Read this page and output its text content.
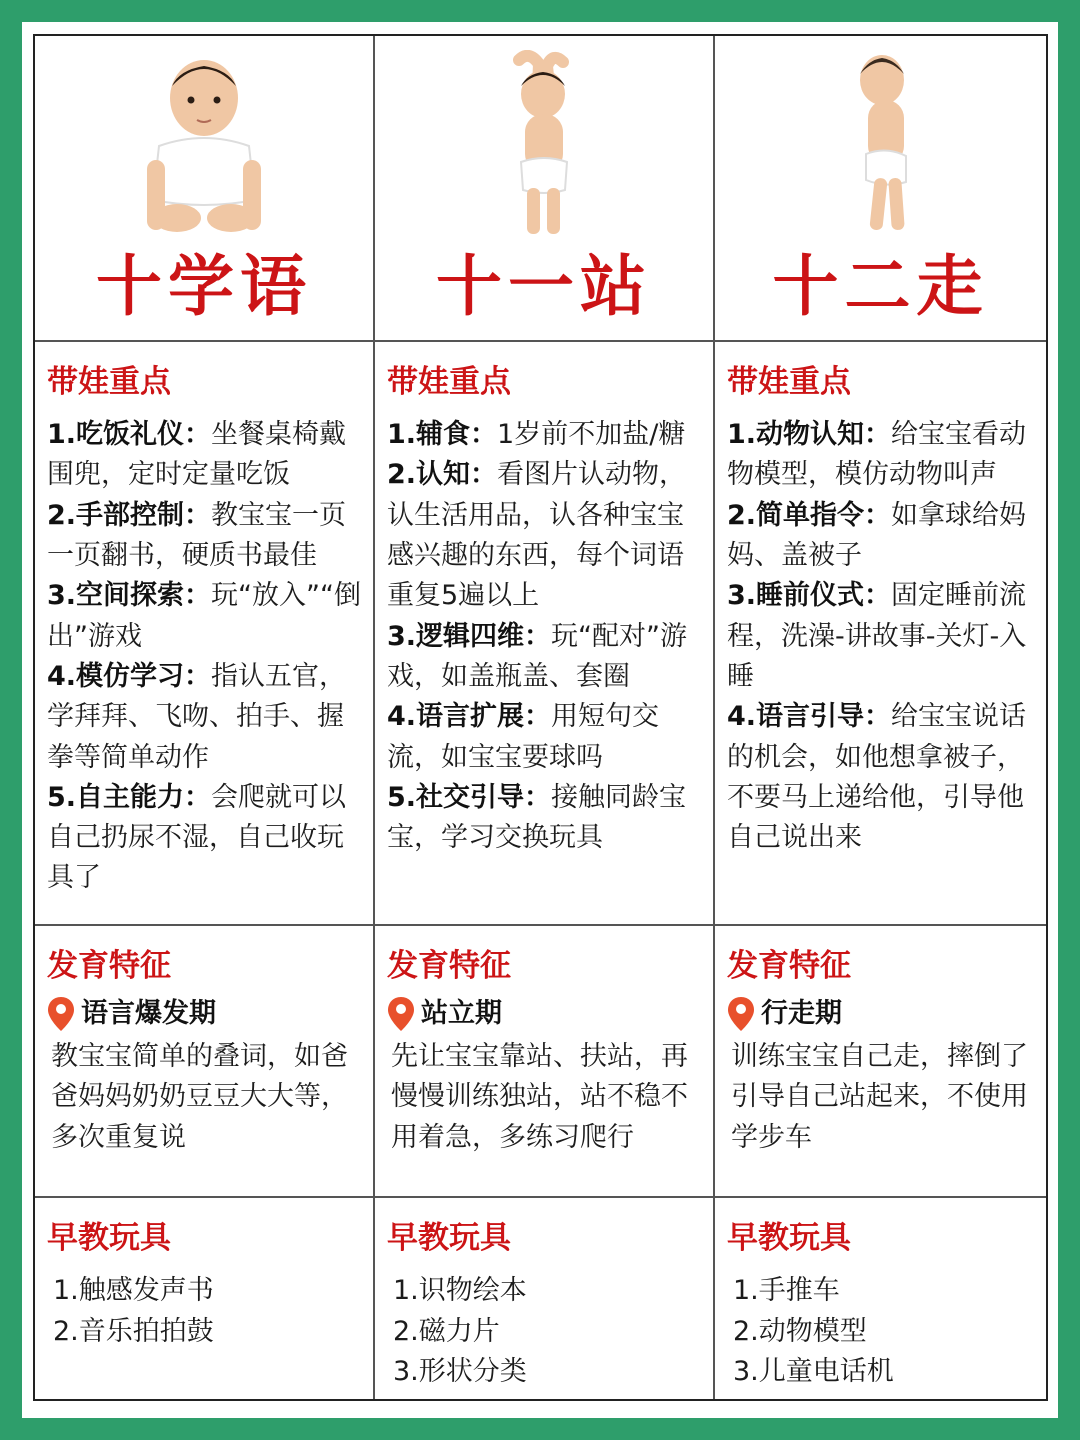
十学语 十一站 十二走
带娃重点
1.吃饭礼仪：坐餐桌椅戴围兜，定时定量吃饭
2.手部控制：教宝宝一页一页翻书，硬质书最佳
3.空间探索：玩“放入”“倒出”游戏
4.模仿学习：指认五官，学拜拜、飞吻、拍手、握拳等简单动作
5.自主能力：会爬就可以自己扔尿不湿，自己收玩具了
带娃重点
1.辅食：1岁前不加盐/糖
2.认知：看图片认动物，认生活用品，认各种宝宝感兴趣的东西，每个词语重复5遍以上
3.逻辑四维：玩“配对”游戏，如盖瓶盖、套圈
4.语言扩展：用短句交流，如宝宝要球吗
5.社交引导：接触同龄宝宝，学习交换玩具
带娃重点
1.动物认知：给宝宝看动物模型，模仿动物叫声
2.简单指令：如拿球给妈妈、盖被子
3.睡前仪式：固定睡前流程，洗澡-讲故事-关灯-入睡
4.语言引导：给宝宝说话的机会，如他想拿被子，不要马上递给他，引导他自己说出来
发育特征
语言爆发期
教宝宝简单的叠词，如爸爸妈妈奶奶豆豆大大等，多次重复说
发育特征
站立期
先让宝宝靠站、扶站，再慢慢训练独站，站不稳不用着急，多练习爬行
发育特征
行走期
训练宝宝自己走，摔倒了引导自己站起来，不使用学步车
早教玩具
1.触感发声书
2.音乐拍拍鼓
早教玩具
1.识物绘本
2.磁力片
3.形状分类
早教玩具
1.手推车
2.动物模型
3.儿童电话机
